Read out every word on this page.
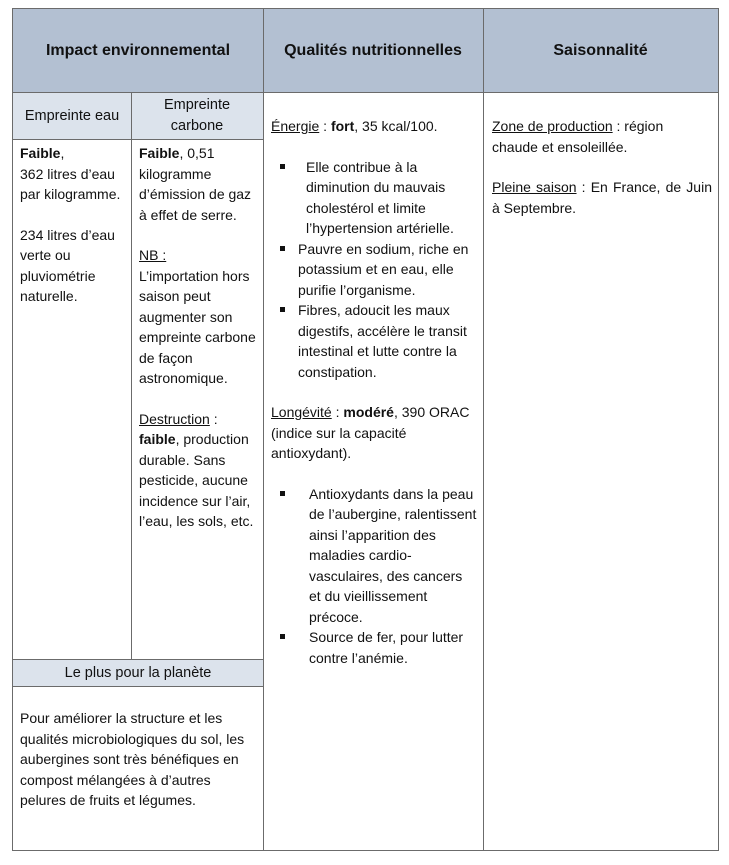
Impact environnemental	Qualités nutritionnelles	Saisonnalité
Empreinte eau
Empreinte carbone
Le plus pour la planète

Faible,
362 litres d’eau par kilogramme.

234 litres d’eau verte ou pluviométrie naturelle.

Faible, 0,51 kilogramme d’émission de gaz à effet de serre.

NB :
L’importation hors saison peut augmenter son empreinte carbone de façon astronomique.

Destruction :
faible, production durable. Sans pesticide, aucune incidence sur l’air, l’eau, les sols, etc.

Pour améliorer la structure et les qualités microbiologiques du sol, les aubergines sont très bénéfiques en compost mélangées à d’autres pelures de fruits et légumes.

Énergie : fort, 35 kcal/100.

Elle contribue à la diminution du mauvais cholestérol et limite l’hypertension artérielle.

Pauvre en sodium, riche en potassium et en eau, elle purifie l’organisme.

Fibres, adoucit les maux digestifs, accélère le transit intestinal et lutte contre la constipation.

Longévité : modéré, 390 ORAC (indice sur la capacité antioxydant).

Antioxydants dans la peau de l’aubergine, ralentissent ainsi l’apparition des maladies cardio-vasculaires, des cancers et du vieillissement précoce.

Source de fer, pour lutter contre l’anémie.

Zone de production : région chaude et ensoleillée.

Pleine saison : En France, de Juin à Septembre.
